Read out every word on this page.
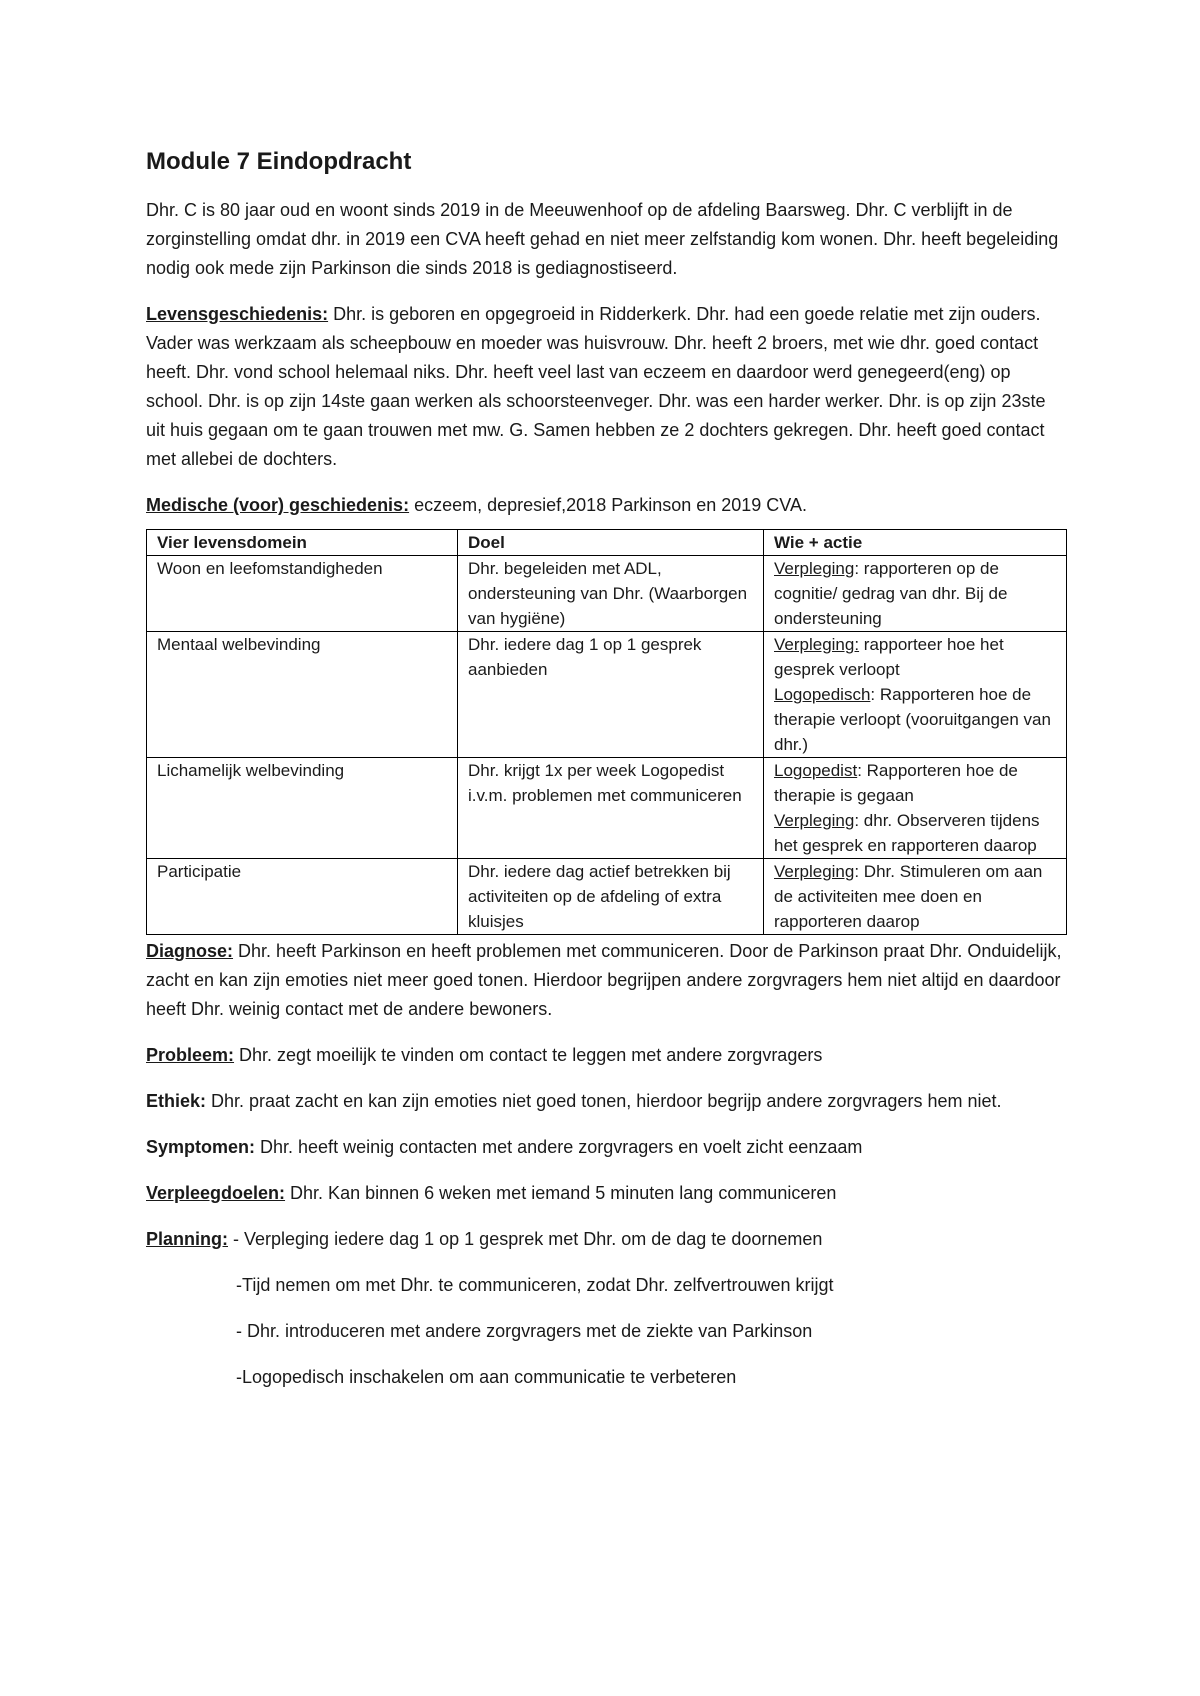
Module 7 Eindopdracht

Dhr. C is 80 jaar oud en woont sinds 2019 in de Meeuwenhoof op de afdeling Baarsweg. Dhr. C verblijft in de zorginstelling omdat dhr. in 2019 een CVA heeft gehad en niet meer zelfstandig kom wonen. Dhr. heeft begeleiding nodig ook mede zijn Parkinson die sinds 2018 is gediagnostiseerd.

Levensgeschiedenis: Dhr. is geboren en opgegroeid in Ridderkerk. Dhr. had een goede relatie met zijn ouders. Vader was werkzaam als scheepbouw en moeder was huisvrouw. Dhr. heeft 2 broers, met wie dhr. goed contact heeft. Dhr. vond school helemaal niks. Dhr. heeft veel last van eczeem en daardoor werd genegeerd(eng) op school. Dhr. is op zijn 14ste gaan werken als schoorsteenveger. Dhr. was een harder werker. Dhr. is op zijn 23ste uit huis gegaan om te gaan trouwen met mw. G. Samen hebben ze 2 dochters gekregen. Dhr. heeft goed contact met allebei de dochters.

Medische (voor) geschiedenis: eczeem, depresief,2018 Parkinson en 2019 CVA.

Vier levensdomein	Doel	Wie + actie
Woon en leefomstandigheden	Dhr. begeleiden met ADL, ondersteuning van Dhr. (Waarborgen van hygiëne)	Verpleging: rapporteren op de cognitie/ gedrag van dhr. Bij de ondersteuning
Mentaal welbevinding	Dhr. iedere dag 1 op 1 gesprek aanbieden	Verpleging: rapporteer hoe het gesprek verloopt
Logopedisch: Rapporteren hoe de therapie verloopt (vooruitgangen van dhr.)

Lichamelijk welbevinding	Dhr. krijgt 1x per week Logopedist i.v.m. problemen met communiceren	Logopedist: Rapporteren hoe de therapie is gegaan
Verpleging: dhr. Observeren tijdens het gesprek en rapporteren daarop

Participatie	Dhr. iedere dag actief betrekken bij activiteiten op de afdeling of extra kluisjes	Verpleging: Dhr. Stimuleren om aan de activiteiten mee doen en rapporteren daarop

Diagnose: Dhr. heeft Parkinson en heeft problemen met communiceren. Door de Parkinson praat Dhr. Onduidelijk, zacht en kan zijn emoties niet meer goed tonen. Hierdoor begrijpen andere zorgvragers hem niet altijd en daardoor heeft Dhr. weinig contact met de andere bewoners.

Probleem: Dhr. zegt moeilijk te vinden om contact te leggen met andere zorgvragers

Ethiek: Dhr. praat zacht en kan zijn emoties niet goed tonen, hierdoor begrijp andere zorgvragers hem niet.

Symptomen: Dhr. heeft weinig contacten met andere zorgvragers en voelt zicht eenzaam

Verpleegdoelen: Dhr. Kan binnen 6 weken met iemand 5 minuten lang communiceren

Planning: - Verpleging iedere dag 1 op 1 gesprek met Dhr. om de dag te doornemen

-Tijd nemen om met Dhr. te communiceren, zodat Dhr. zelfvertrouwen krijgt

- Dhr. introduceren met andere zorgvragers met de ziekte van Parkinson

-Logopedisch inschakelen om aan communicatie te verbeteren
